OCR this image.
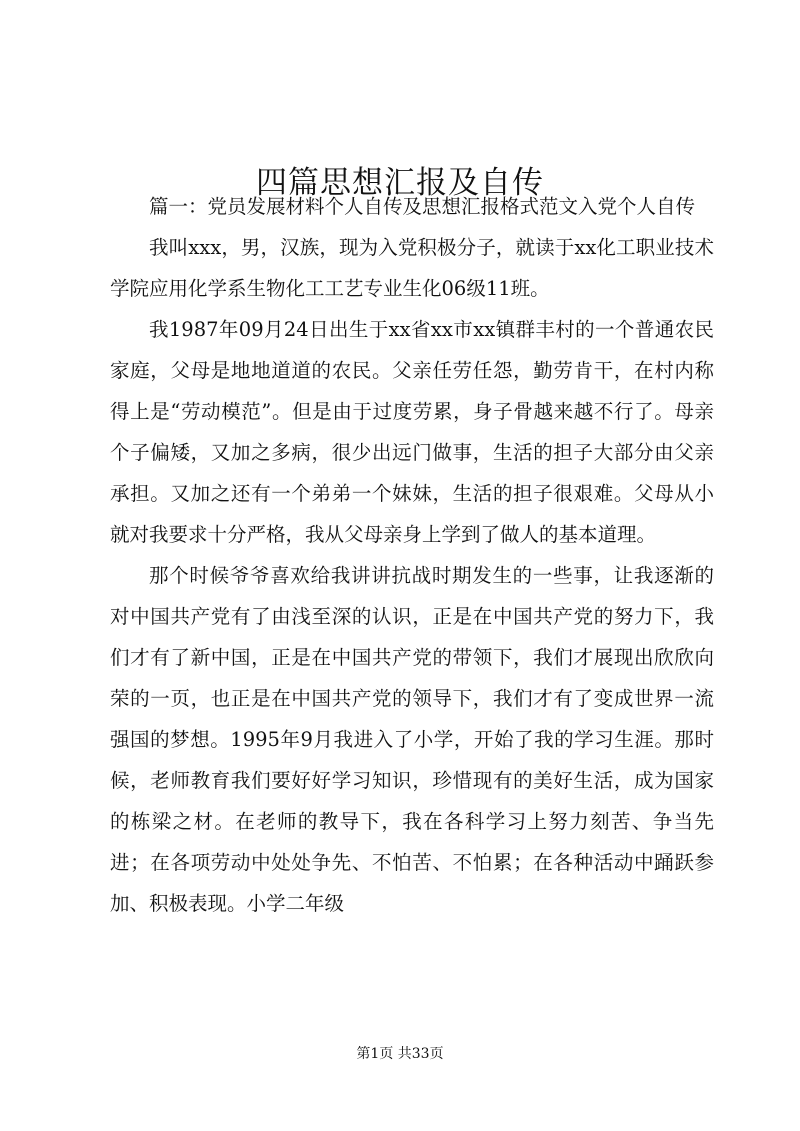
四篇思想汇报及自传

篇一：党员发展材料个人自传及思想汇报格式范文入党个人自传

我叫xxx，男，汉族，现为入党积极分子，就读于xx化工职业技术学院应用化学系生物化工工艺专业生化06级11班。

我1987年09月24日出生于xx省xx市xx镇群丰村的一个普通农民家庭，父母是地地道道的农民。父亲任劳任怨，勤劳肯干，在村内称得上是“劳动模范”。但是由于过度劳累，身子骨越来越不行了。母亲个子偏矮，又加之多病，很少出远门做事，生活的担子大部分由父亲承担。又加之还有一个弟弟一个妹妹，生活的担子很艰难。父母从小就对我要求十分严格，我从父母亲身上学到了做人的基本道理。

那个时候爷爷喜欢给我讲讲抗战时期发生的一些事，让我逐渐的对中国共产党有了由浅至深的认识，正是在中国共产党的努力下，我们才有了新中国，正是在中国共产党的带领下，我们才展现出欣欣向荣的一页，也正是在中国共产党的领导下，我们才有了变成世界一流强国的梦想。1995年9月我进入了小学，开始了我的学习生涯。那时候，老师教育我们要好好学习知识，珍惜现有的美好生活，成为国家的栋梁之材。在老师的教导下，我在各科学习上努力刻苦、争当先进；在各项劳动中处处争先、不怕苦、不怕累；在各种活动中踊跃参加、积极表现。小学二年级

第1页 共33页
